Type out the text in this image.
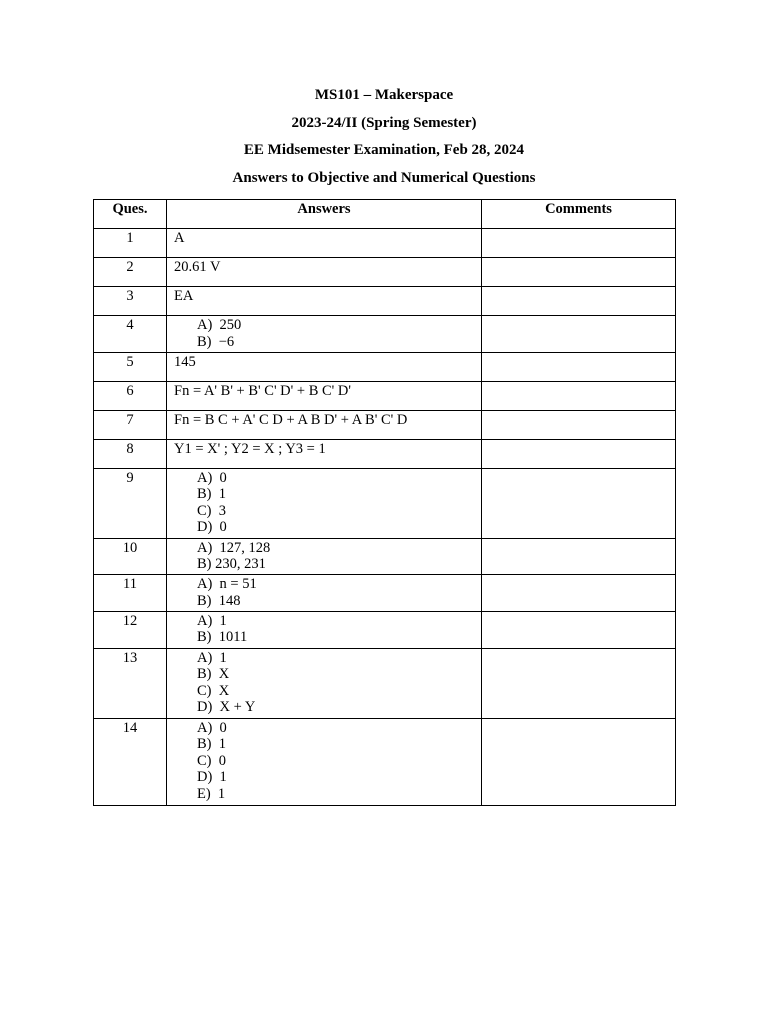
MS101 – Makerspace
2023-24/II (Spring Semester)
EE Midsemester Examination, Feb 28, 2024
Answers to Objective and Numerical Questions
Ques.	Answers	Comments
1	A	
2	20.61 V	
3	EA	
4	A)  250
B)  −6	

5	145	
6	Fn = A' B' + B' C' D' + B C' D'	
7	Fn = B C + A' C D + A B D' + A B' C' D	
8	Y1 = X' ; Y2 = X ; Y3 = 1	
9	A)  0
B)  1
C)  3
D)  0	

10	A)  127, 128
B) 230, 231	

11	A)  n = 51
B)  148	

12	A)  1
B)  1011	

13	A)  1
B)  X
C)  X
D)  X + Y	

14	A)  0
B)  1
C)  0
D)  1
E)  1	
